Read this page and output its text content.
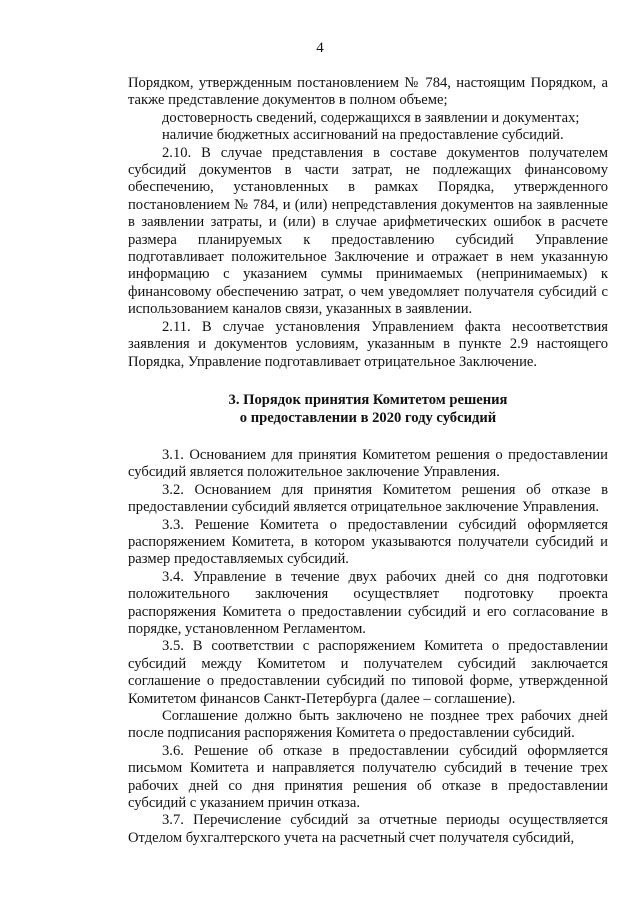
4

Порядком, утвержденным постановлением № 784, настоящим Порядком, а также представление документов в полном объеме;

достоверность сведений, содержащихся в заявлении и документах;

наличие бюджетных ассигнований на предоставление субсидий.

2.10. В случае представления в составе документов получателем субсидий документов в части затрат, не подлежащих финансовому обеспечению, установленных в рамках Порядка, утвержденного постановлением № 784, и (или) непредставления документов на заявленные в заявлении затраты, и (или) в случае арифметических ошибок в расчете размера планируемых к предоставлению субсидий Управление подготавливает положительное Заключение и отражает в нем указанную информацию с указанием суммы принимаемых (непринимаемых) к финансовому обеспечению затрат, о чем уведомляет получателя субсидий с использованием каналов связи, указанных в заявлении.

2.11. В случае установления Управлением факта несоответствия заявления и документов условиям, указанным в пункте 2.9 настоящего Порядка, Управление подготавливает отрицательное Заключение.

3. Порядок принятия Комитетом решения
о предоставлении в 2020 году субсидий

3.1. Основанием для принятия Комитетом решения о предоставлении субсидий является положительное заключение Управления.

3.2. Основанием для принятия Комитетом решения об отказе в предоставлении субсидий является отрицательное заключение Управления.

3.3. Решение Комитета о предоставлении субсидий оформляется распоряжением Комитета, в котором указываются получатели субсидий и размер предоставляемых субсидий.

3.4. Управление в течение двух рабочих дней со дня подготовки положительного заключения осуществляет подготовку проекта распоряжения Комитета о предоставлении субсидий и его согласование в порядке, установленном Регламентом.

3.5. В соответствии с распоряжением Комитета о предоставлении субсидий между Комитетом и получателем субсидий заключается соглашение о предоставлении субсидий по типовой форме, утвержденной Комитетом финансов Санкт-Петербурга (далее – соглашение).

Соглашение должно быть заключено не позднее трех рабочих дней после подписания распоряжения Комитета о предоставлении субсидий.

3.6. Решение об отказе в предоставлении субсидий оформляется письмом Комитета и направляется получателю субсидий в течение трех рабочих дней со дня принятия решения об отказе в предоставлении субсидий с указанием причин отказа.

3.7. Перечисление субсидий за отчетные периоды осуществляется Отделом бухгалтерского учета на расчетный счет получателя субсидий,
